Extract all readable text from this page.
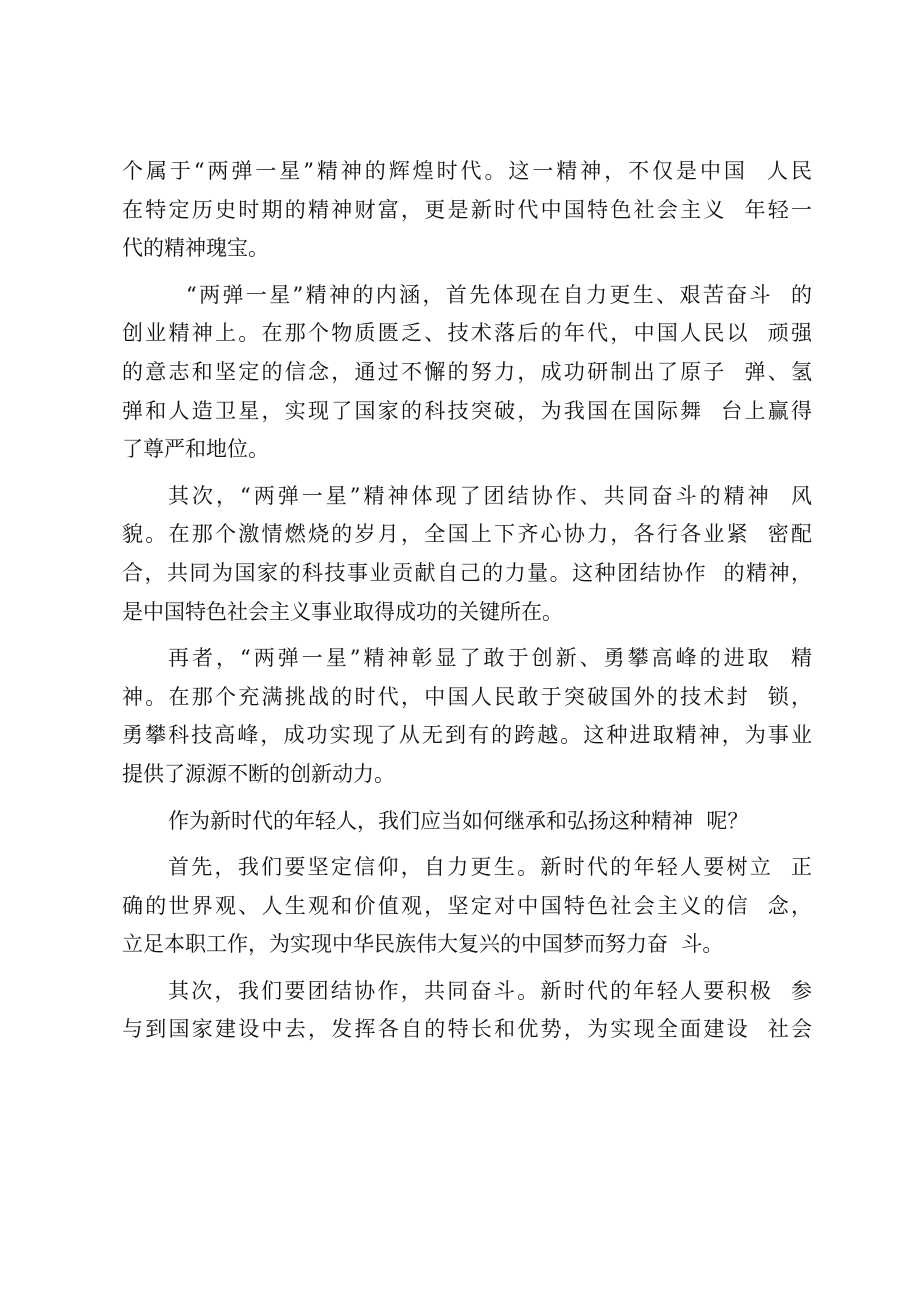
个属于“两弹一星”精神的辉煌时代。这一精神，不仅是中国  人民
在特定历史时期的精神财富，更是新时代中国特色社会主义  年轻一
代的精神瑰宝。
“两弹一星”精神的内涵，首先体现在自力更生、艰苦奋斗  的
创业精神上。在那个物质匮乏、技术落后的年代，中国人民以  顽强
的意志和坚定的信念，通过不懈的努力，成功研制出了原子  弹、氢
弹和人造卫星，实现了国家的科技突破，为我国在国际舞  台上赢得
了尊严和地位。
其次，“两弹一星”精神体现了团结协作、共同奋斗的精神  风
貌。在那个激情燃烧的岁月，全国上下齐心协力，各行各业紧  密配
合，共同为国家的科技事业贡献自己的力量。这种团结协作  的精神，
是中国特色社会主义事业取得成功的关键所在。
再者，“两弹一星”精神彰显了敢于创新、勇攀高峰的进取  精
神。在那个充满挑战的时代，中国人民敢于突破国外的技术封  锁，
勇攀科技高峰，成功实现了从无到有的跨越。这种进取精神，为事业
提供了源源不断的创新动力。
作为新时代的年轻人，我们应当如何继承和弘扬这种精神  呢？
首先，我们要坚定信仰，自力更生。新时代的年轻人要树立  正
确的世界观、人生观和价值观，坚定对中国特色社会主义的信  念，
立足本职工作，为实现中华民族伟大复兴的中国梦而努力奋  斗。
其次，我们要团结协作，共同奋斗。新时代的年轻人要积极  参
与到国家建设中去，发挥各自的特长和优势，为实现全面建设  社会
